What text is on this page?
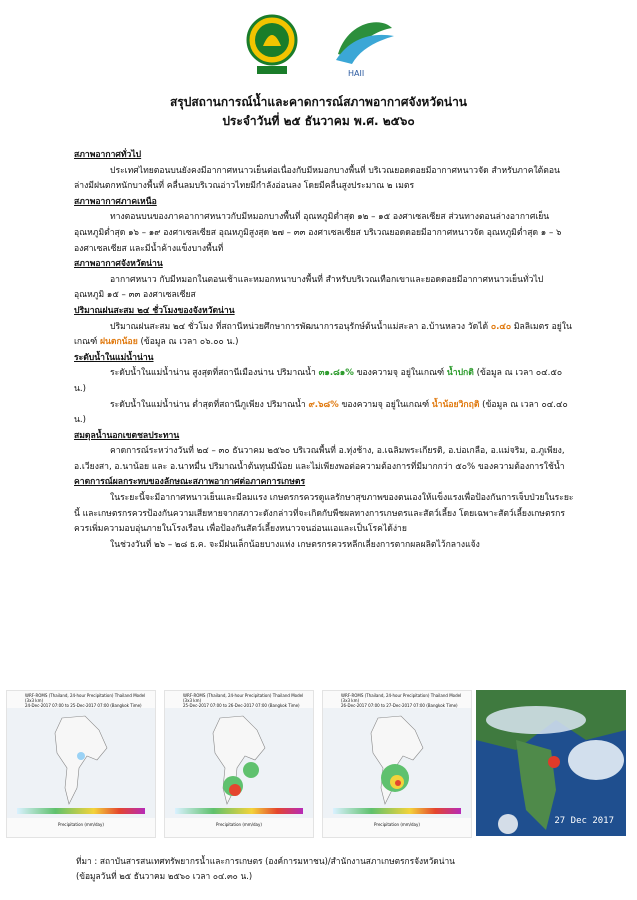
HAII
สรุปสถานการณ์น้ำและคาดการณ์สภาพอากาศจังหวัดน่าน
ประจำวันที่ ๒๕ ธันวาคม พ.ศ. ๒๕๖๐

สภาพอากาศทั่วไป

ประเทศไทยตอนบนยังคงมีอากาศหนาวเย็นต่อเนื่องกับมีหมอกบางพื้นที่ บริเวณยอดดอยมีอากาศหนาวจัด สำหรับภาคใต้ตอนล่างมีฝนตกหนักบางพื้นที่ คลื่นลมบริเวณอ่าวไทยมีกำลังอ่อนลง โดยมีคลื่นสูงประมาณ ๒ เมตร

สภาพอากาศภาคเหนือ

ทางตอนบนของภาคอากาศหนาวกับมีหมอกบางพื้นที่ อุณหภูมิต่ำสุด ๑๒ – ๑๕ องศาเซลเซียส ส่วนทางตอนล่างอากาศเย็น อุณหภูมิต่ำสุด ๑๖ – ๑๙ องศาเซลเซียส อุณหภูมิสูงสุด ๒๗ – ๓๓ องศาเซลเซียส บริเวณยอดดอยมีอากาศหนาวจัด อุณหภูมิต่ำสุด ๑ – ๖ องศาเซลเซียส และมีน้ำค้างแข็งบางพื้นที่

สภาพอากาศจังหวัดน่าน

อากาศหนาว กับมีหมอกในตอนเช้าและหมอกหนาบางพื้นที่ สำหรับบริเวณเทือกเขาและยอดดอยมีอากาศหนาวเย็นทั่วไป อุณหภูมิ ๑๕ – ๓๓ องศาเซลเซียส

ปริมาณฝนสะสม ๒๔ ชั่วโมงของจังหวัดน่าน

ปริมาณฝนสะสม ๒๔ ชั่วโมง ที่สถานีหน่วยศึกษาการพัฒนาการอนุรักษ์ต้นน้ำแม่สะลา อ.บ้านหลวง วัดได้ ๐.๔๐ มิลลิเมตร อยู่ในเกณฑ์ ฝนตกน้อย (ข้อมูล ณ เวลา ๐๖.๐๐ น.)

ระดับน้ำในแม่น้ำน่าน

ระดับน้ำในแม่น้ำน่าน สูงสุดที่สถานีเมืองน่าน ปริมาณน้ำ ๓๑.๘๑% ของความจุ อยู่ในเกณฑ์ น้ำปกติ (ข้อมูล ณ เวลา ๐๔.๕๐ น.)

ระดับน้ำในแม่น้ำน่าน ต่ำสุดที่สถานีภูเพียง ปริมาณน้ำ ๙.๖๘% ของความจุ อยู่ในเกณฑ์ น้ำน้อยวิกฤติ (ข้อมูล ณ เวลา ๐๔.๔๐ น.)

สมดุลน้ำนอกเขตชลประทาน

คาดการณ์ระหว่างวันที่ ๒๔ – ๓๐ ธันวาคม ๒๕๖๐ บริเวณพื้นที่ อ.ทุ่งช้าง, อ.เฉลิมพระเกียรติ, อ.บ่อเกลือ, อ.แม่จริม, อ.ภูเพียง, อ.เวียงสา, อ.นาน้อย และ อ.นาหมื่น ปริมาณน้ำต้นทุนมีน้อย และไม่เพียงพอต่อความต้องการที่มีมากกว่า ๕๐% ของความต้องการใช้น้ำ

คาดการณ์ผลกระทบของลักษณะสภาพอากาศต่อภาคการเกษตร

ในระยะนี้จะมีอากาศหนาวเย็นและมีลมแรง เกษตรกรควรดูแลรักษาสุขภาพของตนเองให้แข็งแรงเพื่อป้องกันการเจ็บป่วยในระยะนี้ และเกษตรกรควรป้องกันความเสียหายจากสภาวะดังกล่าวที่จะเกิดกับพืชผลทางการเกษตรและสัตว์เลี้ยง โดยเฉพาะสัตว์เลี้ยงเกษตรกรควรเพิ่มความอบอุ่นภายในโรงเรือน เพื่อป้องกันสัตว์เลี้ยงหนาวจนอ่อนแอและเป็นโรคได้ง่าย

ในช่วงวันที่ ๒๖ – ๒๘ ธ.ค. จะมีฝนเล็กน้อยบางแห่ง เกษตรกรควรหลีกเลี่ยงการตากผลผลิตไว้กลางแจ้ง

WRF-ROMS (Thailand, 24-hour Precipitation) Thailand Model (3x3 km)
24-Dec-2017 07:00 to 25-Dec-2017 07:00 (Bangkok Time)
Precipitation (mm/day)
WRF-ROMS (Thailand, 24-hour Precipitation) Thailand Model (3x3 km)
25-Dec-2017 07:00 to 26-Dec-2017 07:00 (Bangkok Time)
Precipitation (mm/day)
WRF-ROMS (Thailand, 24-hour Precipitation) Thailand Model (3x3 km)
26-Dec-2017 07:00 to 27-Dec-2017 07:00 (Bangkok Time)
Precipitation (mm/day)	27 Dec 2017
ที่มา : สถาบันสารสนเทศทรัพยากรน้ำและการเกษตร (องค์การมหาชน)/สำนักงานสภาเกษตรกรจังหวัดน่าน
(ข้อมูลวันที่ ๒๕ ธันวาคม ๒๕๖๐ เวลา ๐๔.๓๐ น.)
